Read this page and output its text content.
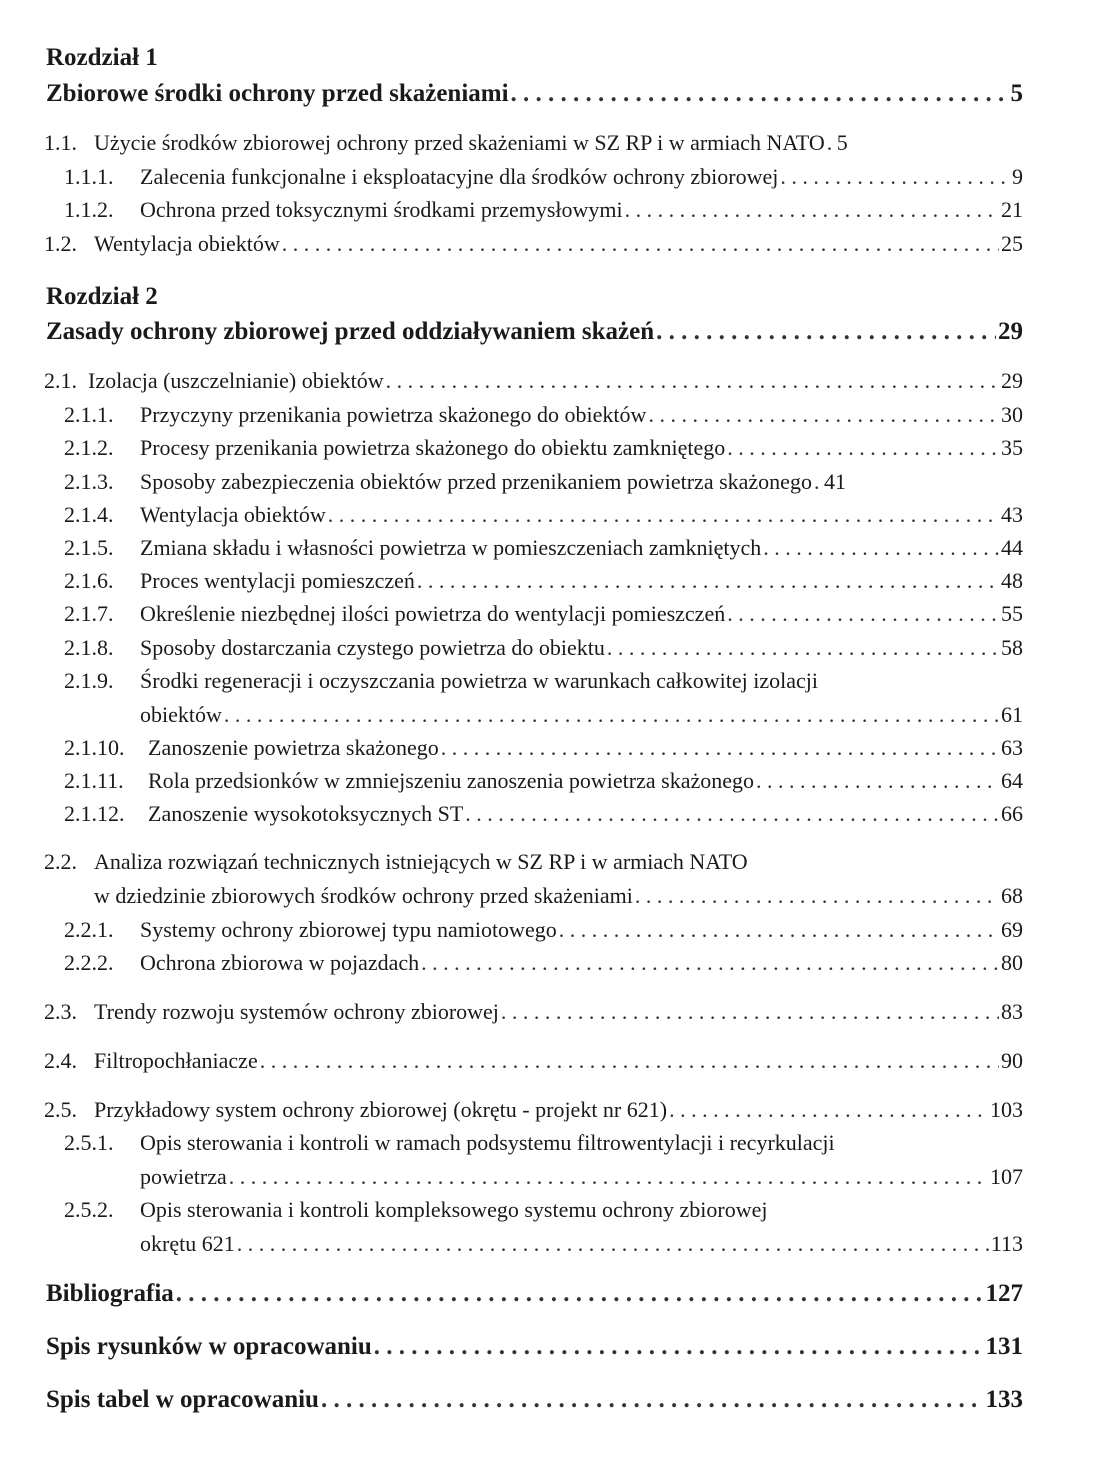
Rozdział 1
Zbiorowe środki ochrony przed skażeniami . . .	5
1.1. Użycie środków zbiorowej ochrony przed skażeniami w SZ RP i w armiach NATO . . . 5
1.1.1.	Zalecenia funkcjonalne i eksploatacyjne dla środków ochrony zbiorowej . . .	9
1.1.2.	Ochrona przed toksycznymi środkami przemysłowymi . . .	21
1.2. Wentylacja obiektów . . .	25
Rozdział 2
Zasady ochrony zbiorowej przed oddziaływaniem skażeń . . .	29
2.1. Izolacja (uszczelnianie) obiektów . . .	29
2.1.1.	Przyczyny przenikania powietrza skażonego do obiektów . . .	30
2.1.2.	Procesy przenikania powietrza skażonego do obiektu zamkniętego . . .	35
2.1.3.	Sposoby zabezpieczenia obiektów przed przenikaniem powietrza skażonego . . . 41
2.1.4.	Wentylacja obiektów . . .	43
2.1.5.	Zmiana składu i własności powietrza w pomieszczeniach zamkniętych . . .	44
2.1.6.	Proces wentylacji pomieszczeń . . .	48
2.1.7.	Określenie niezbędnej ilości powietrza do wentylacji pomieszczeń . . .	55
2.1.8.	Sposoby dostarczania czystego powietrza do obiektu . . .	58
2.1.9.	Środki regeneracji i oczyszczania powietrza w warunkach całkowitej izolacji
obiektów . . .	61
2.1.10.	Zanoszenie powietrza skażonego . . .	63
2.1.11.	Rola przedsionków w zmniejszeniu zanoszenia powietrza skażonego . . .	64
2.1.12.	Zanoszenie wysokotoksycznych ST . . .	66
2.2. Analiza rozwiązań technicznych istniejących w SZ RP i w armiach NATO
w dziedzinie zbiorowych środków ochrony przed skażeniami . . .	68
2.2.1.	Systemy ochrony zbiorowej typu namiotowego . . .	69
2.2.2.	Ochrona zbiorowa w pojazdach . . .	80
2.3. Trendy rozwoju systemów ochrony zbiorowej . . .	83
2.4. Filtropochłaniacze . . .	90
2.5. Przykładowy system ochrony zbiorowej (okrętu - projekt nr 621) . . .	103
2.5.1.	Opis sterowania i kontroli w ramach podsystemu filtrowentylacji i recyrkulacji
powietrza . . .	107
2.5.2.	Opis sterowania i kontroli kompleksowego systemu ochrony zbiorowej
okrętu 621 . . .	113
Bibliografia . . .	127
Spis rysunków w opracowaniu . . .	131
Spis tabel w opracowaniu . . .	133
